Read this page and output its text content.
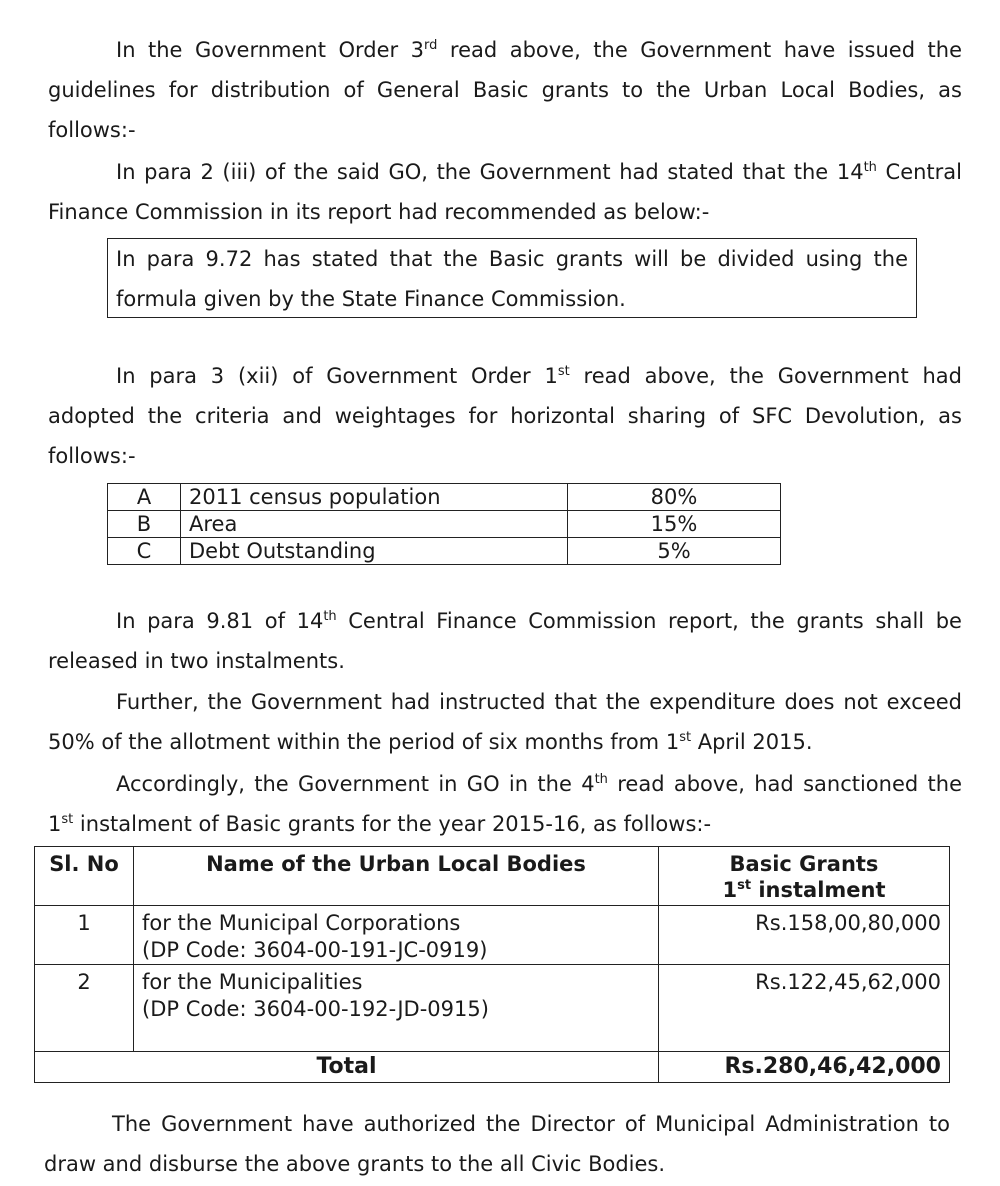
In the Government Order 3rd read above, the Government have issued the guidelines for distribution of General Basic grants to the Urban Local Bodies, as follows:-

In para 2 (iii) of the said GO, the Government had stated that the 14th Central Finance Commission in its report had recommended as below:-

In para 9.72 has stated that the Basic grants will be divided using the formula given by the State Finance Commission.

In para 3 (xii) of Government Order 1st read above, the Government had adopted the criteria and weightages for horizontal sharing of SFC Devolution, as follows:-

A	2011 census population	80%
B	Area	15%
C	Debt Outstanding	5%

In para 9.81 of 14th Central Finance Commission report, the grants shall be released in two instalments.

Further, the Government had instructed that the expenditure does not exceed 50% of the allotment within the period of six months from 1st April 2015.

Accordingly, the Government in GO in the 4th read above, had sanctioned the 1st instalment of Basic grants for the year 2015-16, as follows:-

Sl. No	Name of the Urban Local Bodies	Basic Grants
1st instalment

1	for the Municipal Corporations
(DP Code: 3604-00-191-JC-0919)	Rs.158,00,80,000
2	for the Municipalities
(DP Code: 3604-00-192-JD-0915)	Rs.122,45,62,000
Total		Rs.280,46,42,000

The Government have authorized the Director of Municipal Administration to draw and disburse the above grants to the all Civic Bodies.
